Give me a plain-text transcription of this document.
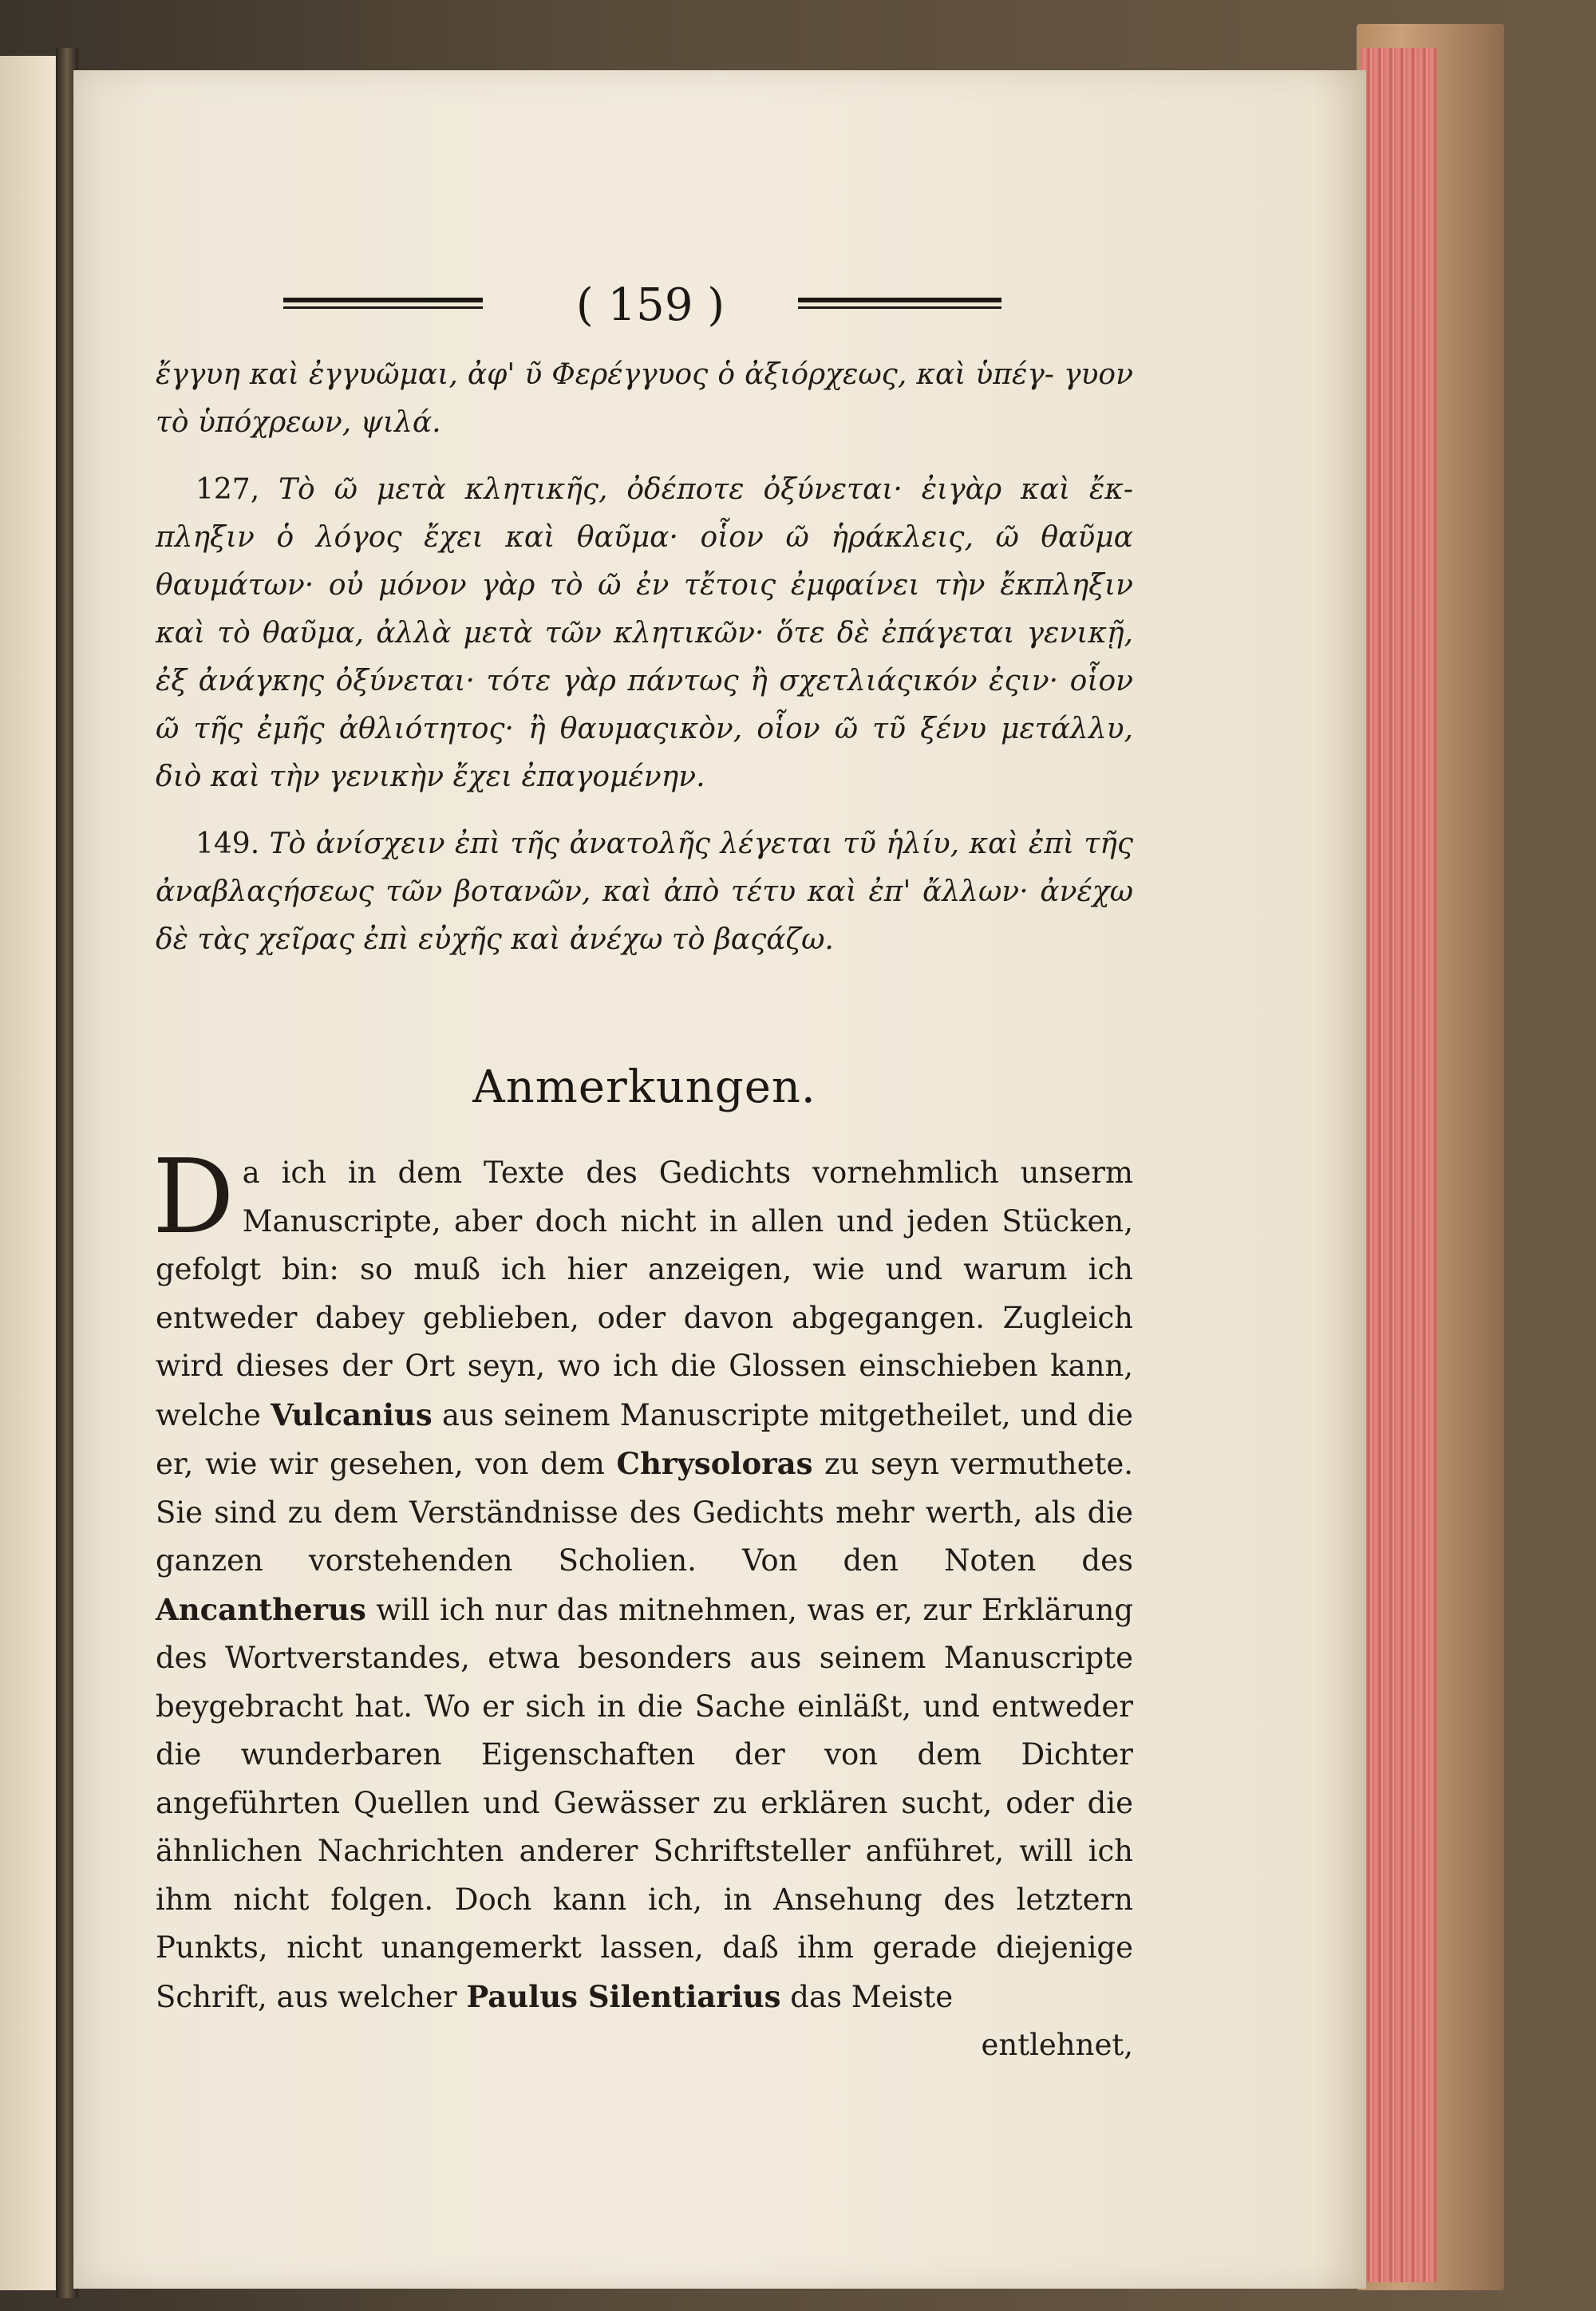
( 159 )

ἔγγυη καὶ ἐγγυῶμαι, ἀφ' ῦ Φερέγγυος ὁ ἀξιόρχεως, καὶ ὑπέγ- γυον τὸ ὑπόχρεων, ψιλά.

127, Τὸ ῶ μετὰ κλητικῆς, ὀδέποτε ὀξύνεται· ἐιγὰρ καὶ ἔκ-πληξιν ὁ λόγος ἔχει καὶ θαῦμα· οἷον ῶ ἡράκλεις, ῶ θαῦμα θαυμάτων· οὐ μόνον γὰρ τὸ ῶ ἐν τἔτοις ἐμφαίνει τὴν ἔκπληξιν καὶ τὸ θαῦμα, ἀλλὰ μετὰ τῶν κλητικῶν· ὅτε δὲ ἐπάγεται γενικῇ, ἐξ ἀνάγκης ὀξύνεται· τότε γὰρ πάντως ἢ σχετλιάςικόν ἐςιν· οἷον ῶ τῆς ἐμῆς ἀθλιότητος· ἢ θαυμαςικὸν, οἷον ῶ τῦ ξένυ μετάλλυ, διὸ καὶ τὴν γενικὴν ἔχει ἐπαγομένην.

149. Τὸ ἀνίσχειν ἐπὶ τῆς ἀνατολῆς λέγεται τῦ ἡλίυ, καὶ ἐπὶ τῆς ἀναβλαςήσεως τῶν βοτανῶν, καὶ ἀπὸ τέτυ καὶ ἐπ' ἄλλων· ἀνέχω δὲ τὰς χεῖρας ἐπὶ εὐχῆς καὶ ἀνέχω τὸ βαςάζω.

Anmerkungen.

Da ich in dem Texte des Gedichts vornehmlich unserm Manuscripte, aber doch nicht in allen und jeden Stücken, gefolgt bin: so muß ich hier anzeigen, wie und warum ich entweder dabey geblieben, oder davon abgegangen. Zugleich wird dieses der Ort seyn, wo ich die Glossen einschieben kann, welche Vulcanius aus seinem Manuscripte mitgetheilet, und die er, wie wir gesehen, von dem Chrysoloras zu seyn vermuthete. Sie sind zu dem Verständnisse des Gedichts mehr werth, als die ganzen vorstehenden Scholien. Von den Noten des Ancantherus will ich nur das mitnehmen, was er, zur Erklärung des Wortverstandes, etwa besonders aus seinem Manuscripte beygebracht hat. Wo er sich in die Sache einläßt, und entweder die wunderbaren Eigenschaften der von dem Dichter angeführten Quellen und Gewässer zu erklären sucht, oder die ähnlichen Nachrichten anderer Schriftsteller anführet, will ich ihm nicht folgen. Doch kann ich, in Ansehung des letztern Punkts, nicht unangemerkt lassen, daß ihm gerade diejenige Schrift, aus welcher Paulus Silentiarius das Meiste

entlehnet,
